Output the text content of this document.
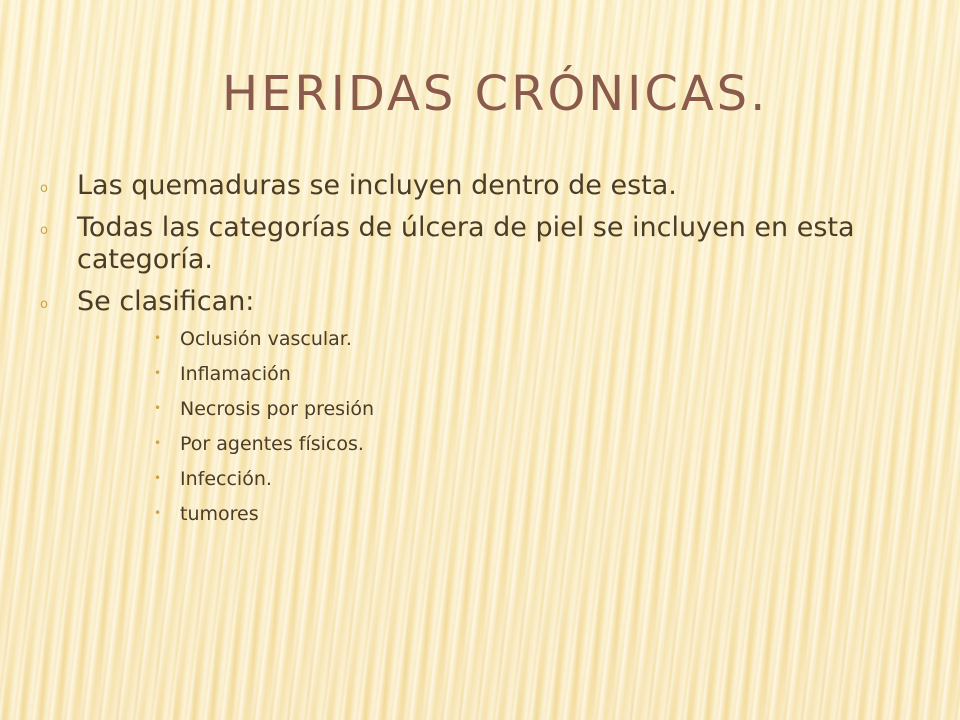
HERIDAS CRÓNICAS.
o Las quemaduras se incluyen dentro de esta.
o Todas las categorías de úlcera de piel se incluyen en esta categoría.
o Se clasifican:
• Oclusión vascular.
• Inflamación
• Necrosis por presión
• Por agentes físicos.
• Infección.
• tumores
